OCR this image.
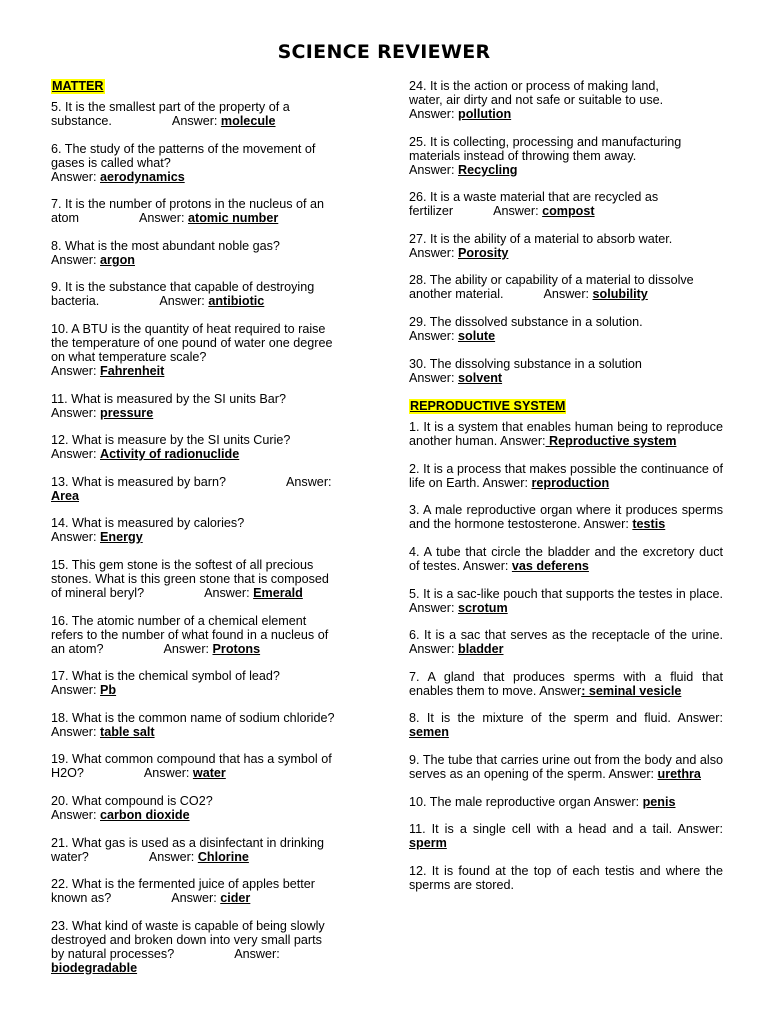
SCIENCE REVIEWER
MATTER
5. It is the smallest part of the property of a
substance.	Answer: molecule
6. The study of the patterns of the movement of
gases is called what?
Answer: aerodynamics
7. It is the number of protons in the nucleus of an
atom	Answer: atomic number
8. What is the most abundant noble gas?
Answer: argon
9. It is the substance that capable of destroying
bacteria.	Answer: antibiotic
10. A BTU is the quantity of heat required to raise
the temperature of one pound of water one degree
on what temperature scale?
Answer: Fahrenheit
11. What is measured by the SI units Bar?
Answer: pressure
12. What is measure by the SI units Curie?
Answer: Activity of radionuclide
13. What is measured by barn?	Answer: Area
14. What is measured by calories?
Answer: Energy
15. This gem stone is the softest of all precious
stones. What is this green stone that is composed
of mineral beryl?	Answer: Emerald
16. The atomic number of a chemical element
refers to the number of what found in a nucleus of
an atom?	Answer: Protons
17. What is the chemical symbol of lead?
Answer: Pb
18. What is the common name of sodium chloride?
Answer: table salt
19. What common compound that has a symbol of
H2O?	Answer: water
20. What compound is CO2?
Answer: carbon dioxide
21. What gas is used as a disinfectant in drinking
water?	Answer: Chlorine
22. What is the fermented juice of apples better
known as?	Answer: cider
23. What kind of waste is capable of being slowly
destroyed and broken down into very small parts
by natural processes?	Answer: biodegradable
24. It is the action or process of making land,
water, air dirty and not safe or suitable to use.
Answer: pollution
25. It is collecting, processing and manufacturing
materials instead of throwing them away.
Answer: Recycling
26. It is a waste material that are recycled as
fertilizer	Answer: compost
27. It is the ability of a material to absorb water.
Answer: Porosity
28. The ability or capability of a material to dissolve
another material.	Answer: solubility
29. The dissolved substance in a solution.
Answer: solute
30. The dissolving substance in a solution
Answer: solvent
REPRODUCTIVE SYSTEM
1. It is a system that enables human being to reproduce another human. Answer: Reproductive system
2. It is a process that makes possible the continuance of life on Earth. Answer: reproduction
3. A male reproductive organ where it produces sperms and the hormone testosterone. Answer: testis
4. A tube that circle the bladder and the excretory duct of testes. Answer: vas deferens
5. It is a sac-like pouch that supports the testes in place. Answer: scrotum
6. It is a sac that serves as the receptacle of the urine. Answer: bladder
7. A gland that produces sperms with a fluid that enables them to move. Answer: seminal vesicle
8. It is the mixture of the sperm and fluid. Answer: semen
9. The tube that carries urine out from the body and also serves as an opening of the sperm. Answer: urethra
10. The male reproductive organ Answer: penis
11. It is a single cell with a head and a tail. Answer: sperm
12. It is found at the top of each testis and where the sperms are stored.
